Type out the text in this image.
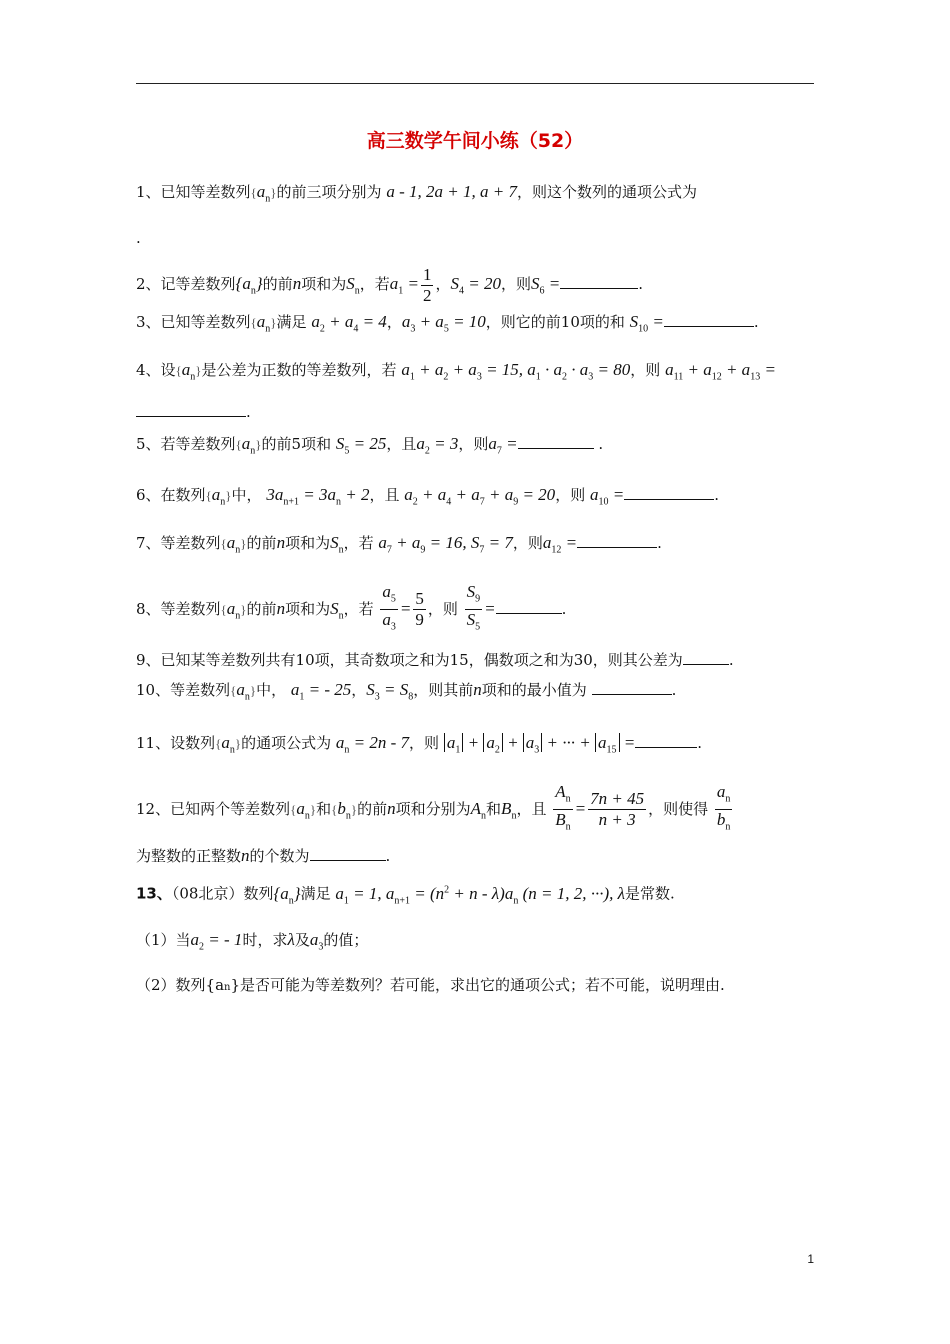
高三数学午间小练（52）
1、已知等差数列$\{a_n\}$的前三项分别为 a - 1, 2a + 1, a + 7，则这个数列的通项公式为
.
2、记等差数列$\{a_n\}$的前n项和为$S_n$，若$a_1 = \frac{1}{2}$ ，$S_4 = 20$，则$S_6$ =	.
3、已知等差数列$\{a_n\}$满足 $a_2 + a_4 = 4$，$a_3 + a_5 = 10$，则它的前10项的和 $S_{10}$ =	.
4、设$\{a_n\}$是公差为正数的等差数列，若 $a_1 + a_2 + a_3 = 15$, $a_1 \cdot a_2 \cdot a_3 = 80$，则 $a_{11} + a_{12} + a_{13}$ =
.
5、若等差数列$\{a_n\}$的前5项和 $S_5 = 25$，且$a_2 = 3$，则$a_7$ =	.
6、在数列$\{a_n\}$中， $3a_{n+1} = 3a_n + 2$，且 $a_2 + a_4 + a_7 + a_9 = 20$，则 $a_{10}$ =	.
7、等差数列$\{a_n\}$的前n项和为$S_n$，若 $a_7 + a_9 = 16$, $S_7 = 7$，则$a_{12}$ =	.
8、等差数列$\{a_n\}$的前n项和为$S_n$，若 $\frac{a_5}{a_3} = \frac{5}{9}$ ，则 $\frac{S_9}{S_5}$ =	.
9、已知某等差数列共有10项，其奇数项之和为15，偶数项之和为30，则其公差为	.
10、等差数列$\{a_n\}$中， $a_1$ = - 25，$S_3 = S_8$，则其前n项和的最小值为	.
11、设数列$\{a_n\}$的通项公式为 $a_n = 2n - 7$，则 $a_1 + a_2 + a_3$ + ··· + $a_{15}$ =	.
12、已知两个等差数列$\{a_n\}$和$\{b_n\}$的前n项和分别为$A_n$和$B_n$，且 $\frac{A_n}{B_n} = \frac{7n + 45}{n + 3}$ ，则使得 $\frac{a_n}{b_n}$
为整数的正整数n的个数为	.
13、（08北京）数列$\{a_n\}$满足 $a_1 = 1$, $a_{n+1} = (n^2 + n - \lambda)a_n$ (n = 1, 2, ···), λ是常数.
（1）当$a_2$ = - 1时，求λ及$a_3$的值；
（2）数列{an}是否可能为等差数列？若可能，求出它的通项公式；若不可能，说明理由.
1
